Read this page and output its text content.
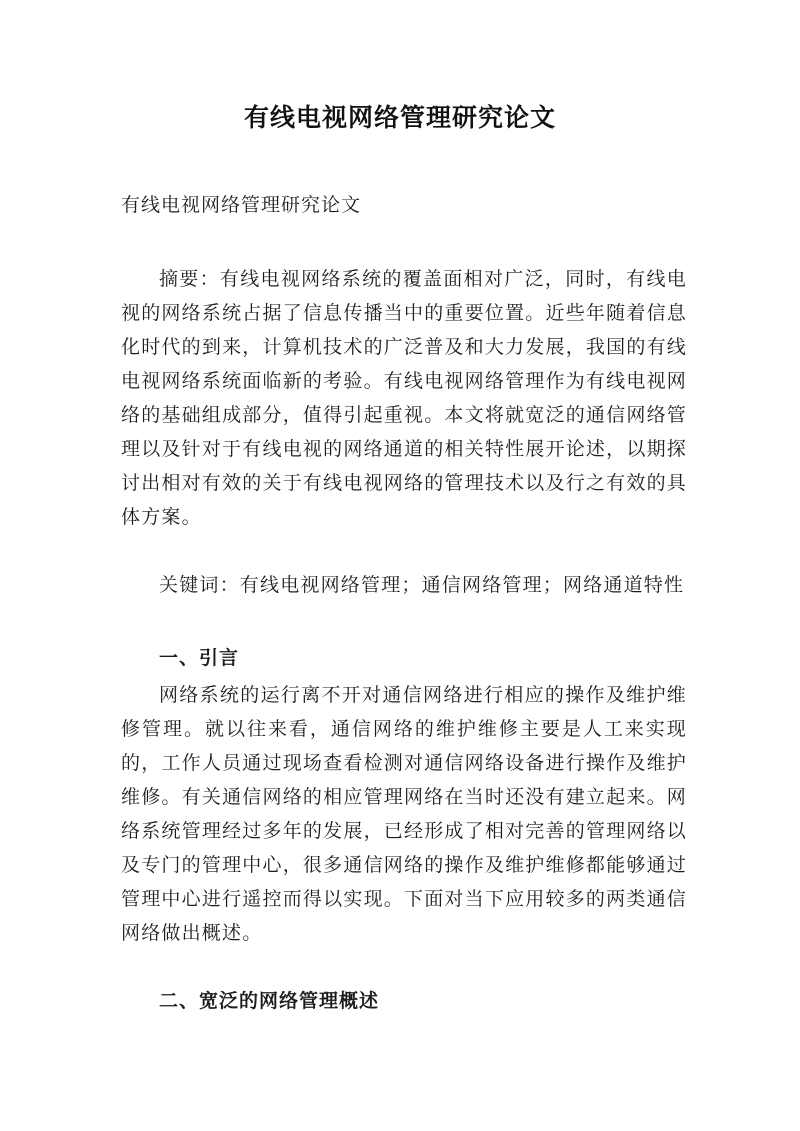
有线电视网络管理研究论文

有线电视网络管理研究论文

摘要：有线电视网络系统的覆盖面相对广泛，同时，有线电视的网络系统占据了信息传播当中的重要位置。近些年随着信息化时代的到来，计算机技术的广泛普及和大力发展，我国的有线电视网络系统面临新的考验。有线电视网络管理作为有线电视网络的基础组成部分，值得引起重视。本文将就宽泛的通信网络管理以及针对于有线电视的网络通道的相关特性展开论述，以期探讨出相对有效的关于有线电视网络的管理技术以及行之有效的具体方案。

关键词：有线电视网络管理；通信网络管理；网络通道特性

一、引言

网络系统的运行离不开对通信网络进行相应的操作及维护维修管理。就以往来看，通信网络的维护维修主要是人工来实现的，工作人员通过现场查看检测对通信网络设备进行操作及维护维修。有关通信网络的相应管理网络在当时还没有建立起来。网络系统管理经过多年的发展，已经形成了相对完善的管理网络以及专门的管理中心，很多通信网络的操作及维护维修都能够通过管理中心进行遥控而得以实现。下面对当下应用较多的两类通信网络做出概述。

二、宽泛的网络管理概述
